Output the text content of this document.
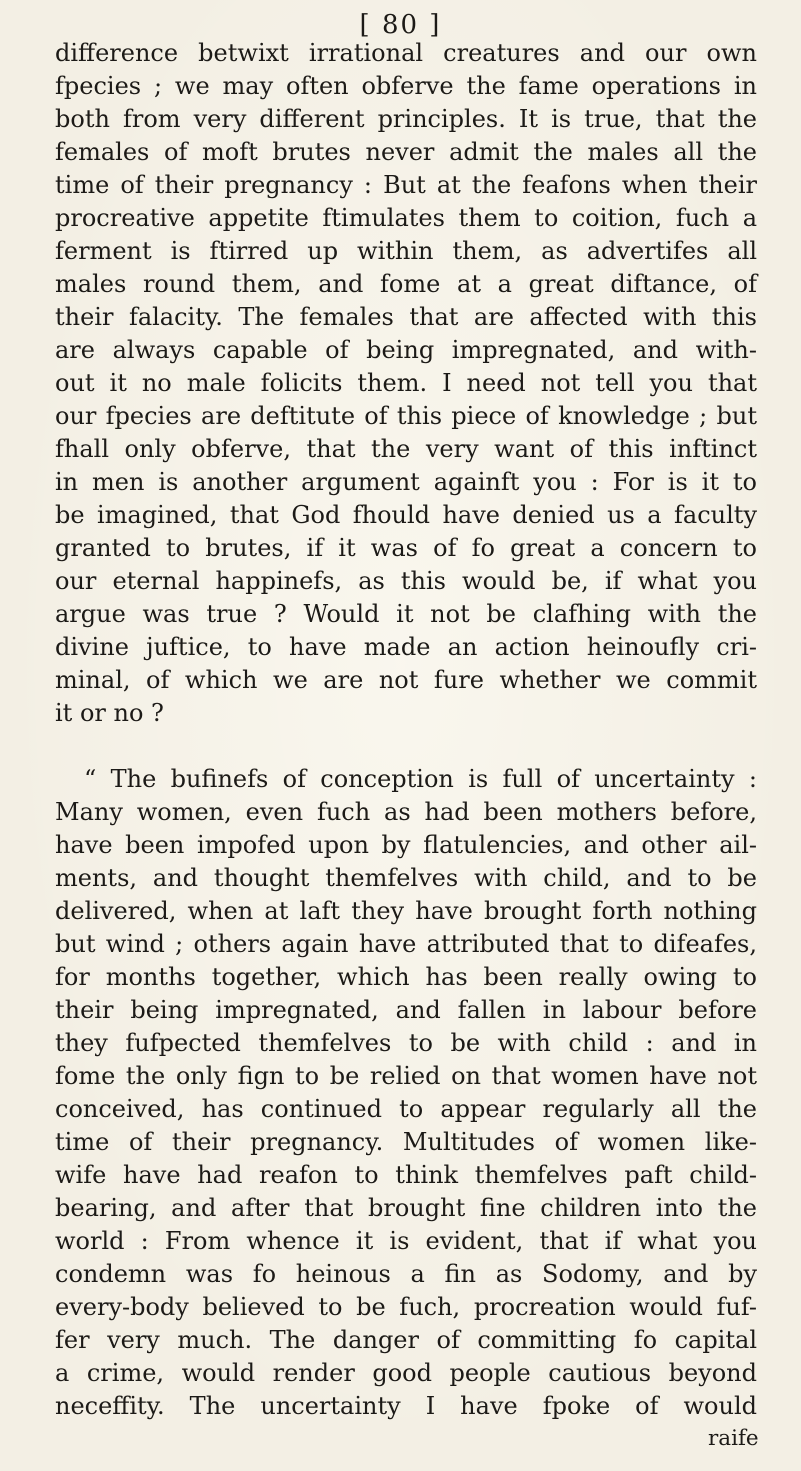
[ 80 ]

difference betwixt irrational creatures and our own

fpecies ; we may often obferve the fame operations in

both from very different principles. It is true, that the

females of moft brutes never admit the males all the

time of their pregnancy : But at the feafons when their

procreative appetite ftimulates them to coition, fuch a

ferment is ftirred up within them, as advertifes all

males round them, and fome at a great diftance, of

their falacity. The females that are affected with this

are always capable of being impregnated, and with-

out it no male folicits them. I need not tell you that

our fpecies are deftitute of this piece of knowledge ; but

fhall only obferve, that the very want of this inftinct

in men is another argument againft you : For is it to

be imagined, that God fhould have denied us a faculty

granted to brutes, if it was of fo great a concern to

our eternal happinefs, as this would be, if what you

argue was true ? Would it not be clafhing with the

divine juftice, to have made an action heinoufly cri-

minal, of which we are not fure whether we commit

it or no ?

“ The bufinefs of conception is full of uncertainty :

Many women, even fuch as had been mothers before,

have been impofed upon by flatulencies, and other ail-

ments, and thought themfelves with child, and to be

delivered, when at laft they have brought forth nothing

but wind ; others again have attributed that to difeafes,

for months together, which has been really owing to

their being impregnated, and fallen in labour before

they fufpected themfelves to be with child : and in

fome the only fign to be relied on that women have not

conceived, has continued to appear regularly all the

time of their pregnancy. Multitudes of women like-

wife have had reafon to think themfelves paft child-

bearing, and after that brought fine children into the

world : From whence it is evident, that if what you

condemn was fo heinous a fin as Sodomy, and by

every-body believed to be fuch, procreation would fuf-

fer very much. The danger of committing fo capital

a crime, would render good people cautious beyond

neceffity. The uncertainty I have fpoke of would

raife
